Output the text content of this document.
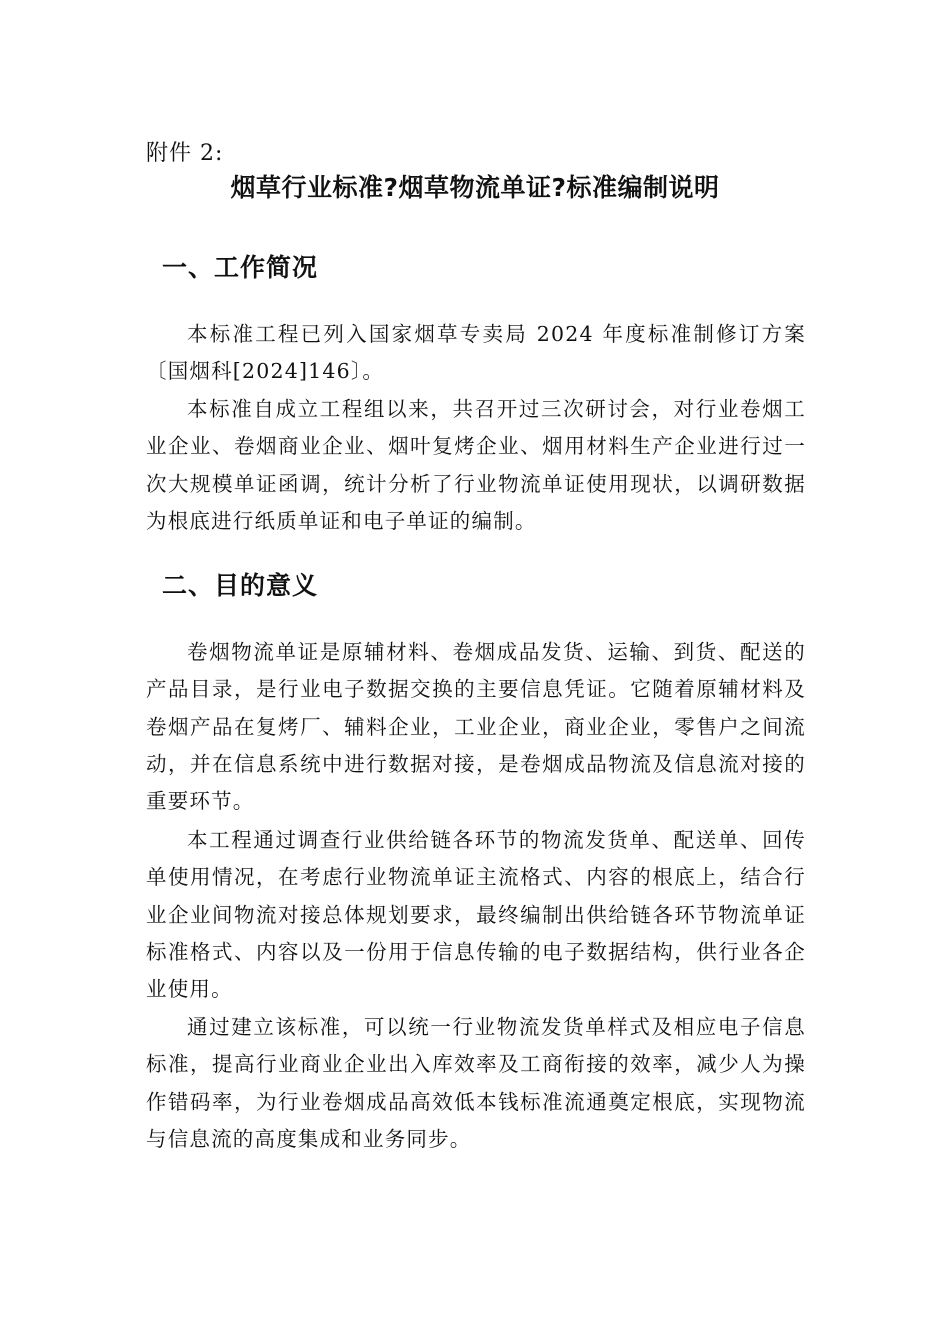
附件 2:
烟草行业标准?烟草物流单证?标准编制说明
一、工作简况

本标准工程已列入国家烟草专卖局 2024 年度标准制修订方案〔国烟科[2024]146〕。

本标准自成立工程组以来，共召开过三次研讨会，对行业卷烟工业企业、卷烟商业企业、烟叶复烤企业、烟用材料生产企业进行过一次大规模单证函调，统计分析了行业物流单证使用现状，以调研数据为根底进行纸质单证和电子单证的编制。

二、目的意义

卷烟物流单证是原辅材料、卷烟成品发货、运输、到货、配送的产品目录，是行业电子数据交换的主要信息凭证。它随着原辅材料及卷烟产品在复烤厂、辅料企业，工业企业，商业企业，零售户之间流动，并在信息系统中进行数据对接，是卷烟成品物流及信息流对接的重要环节。

本工程通过调查行业供给链各环节的物流发货单、配送单、回传单使用情况，在考虑行业物流单证主流格式、内容的根底上，结合行业企业间物流对接总体规划要求，最终编制出供给链各环节物流单证标准格式、内容以及一份用于信息传输的电子数据结构，供行业各企业使用。

通过建立该标准，可以统一行业物流发货单样式及相应电子信息标准，提高行业商业企业出入库效率及工商衔接的效率，减少人为操作错码率，为行业卷烟成品高效低本钱标准流通奠定根底，实现物流与信息流的高度集成和业务同步。
